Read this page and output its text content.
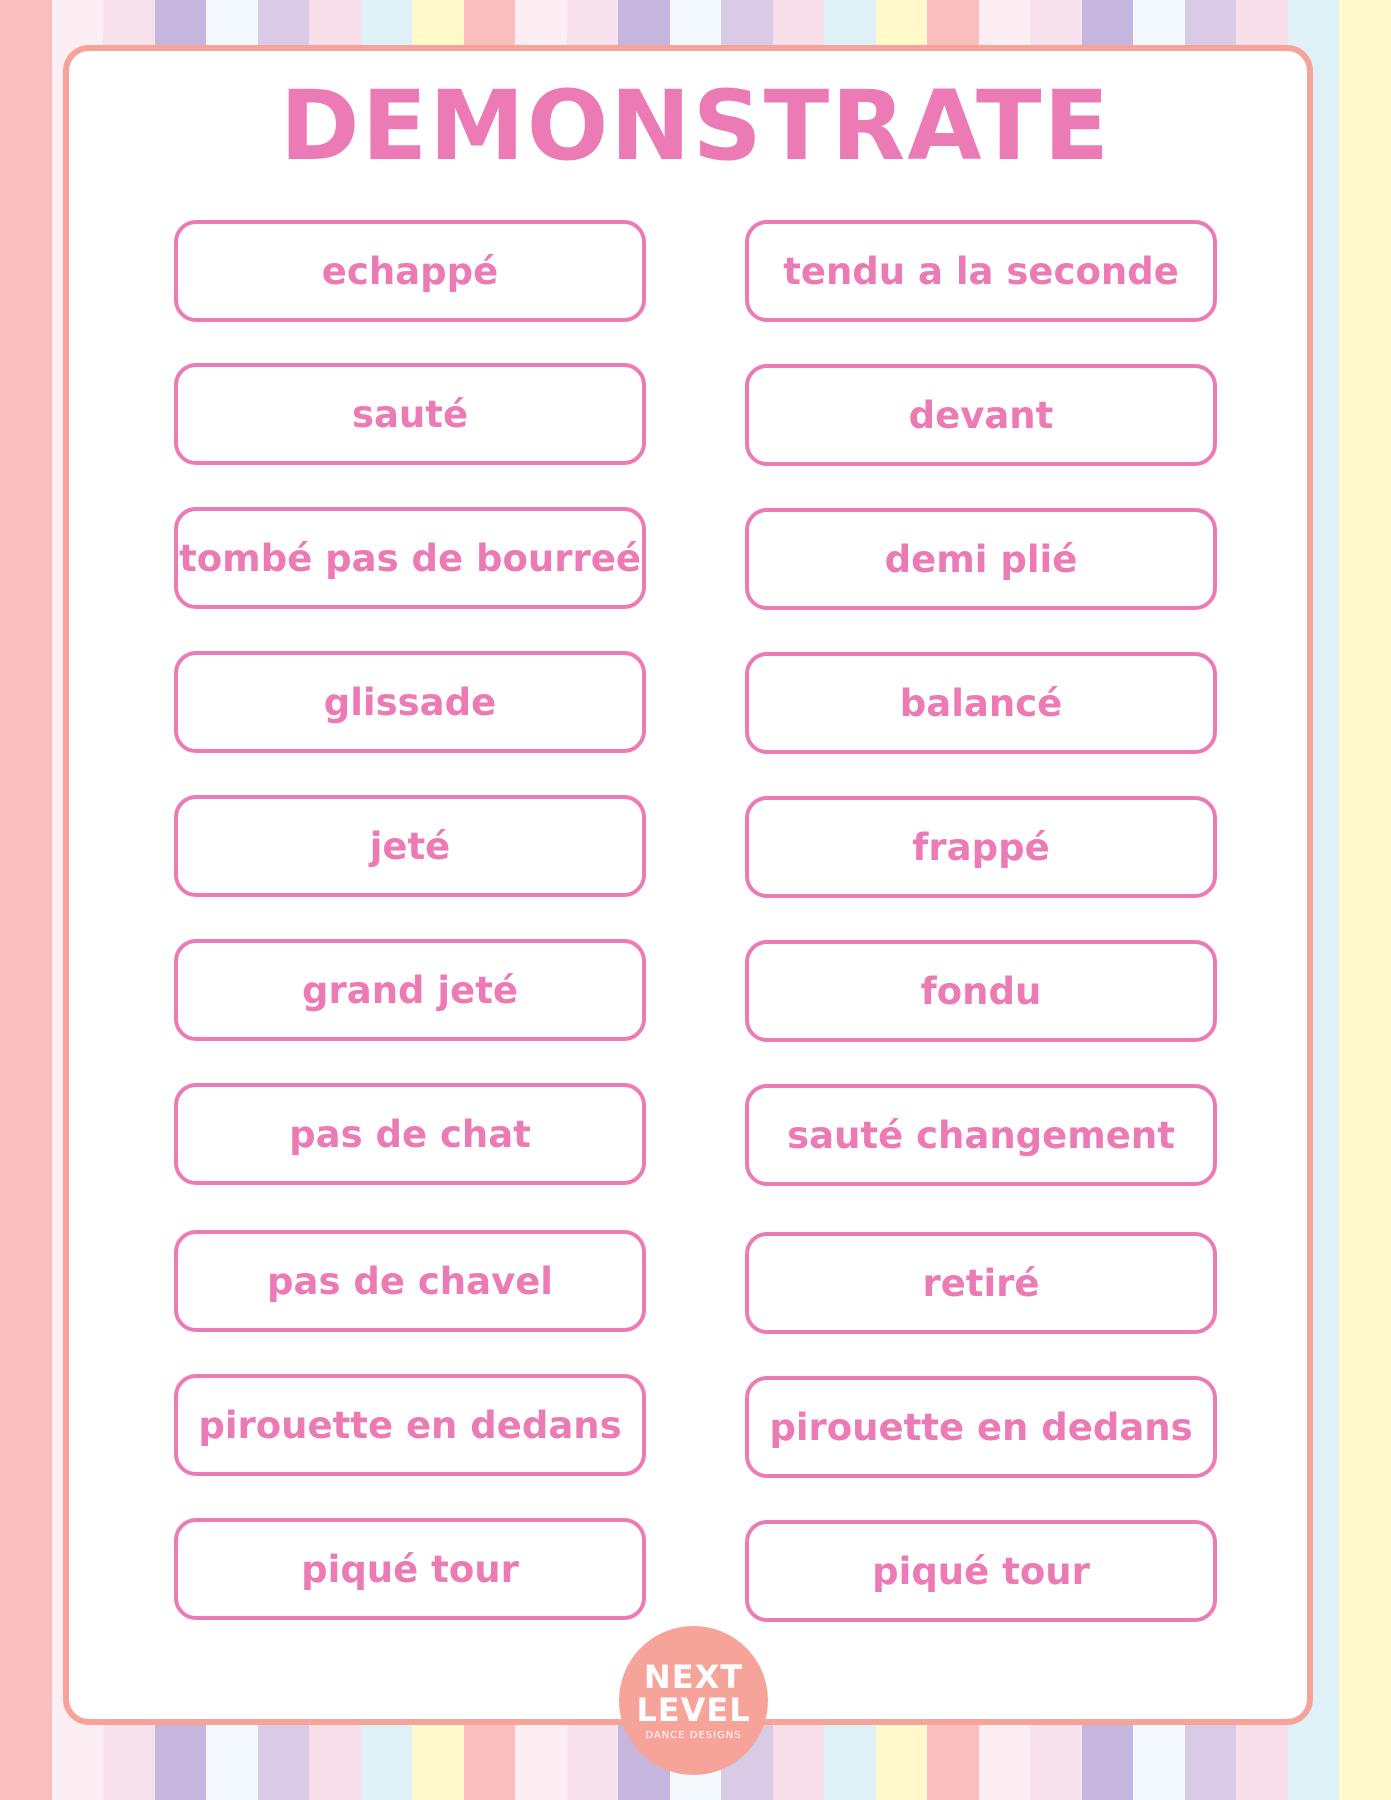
DEMONSTRATE
echappé
sauté
tombé pas de bourreé
glissade
jeté
grand jeté
pas de chat
pas de chavel
pirouette en dedans
piqué tour
tendu a la seconde
devant
demi plié
balancé
frappé
fondu
sauté changement
retiré
pirouette en dedans
piqué tour
NEXT
LEVEL
DANCE DESIGNS
